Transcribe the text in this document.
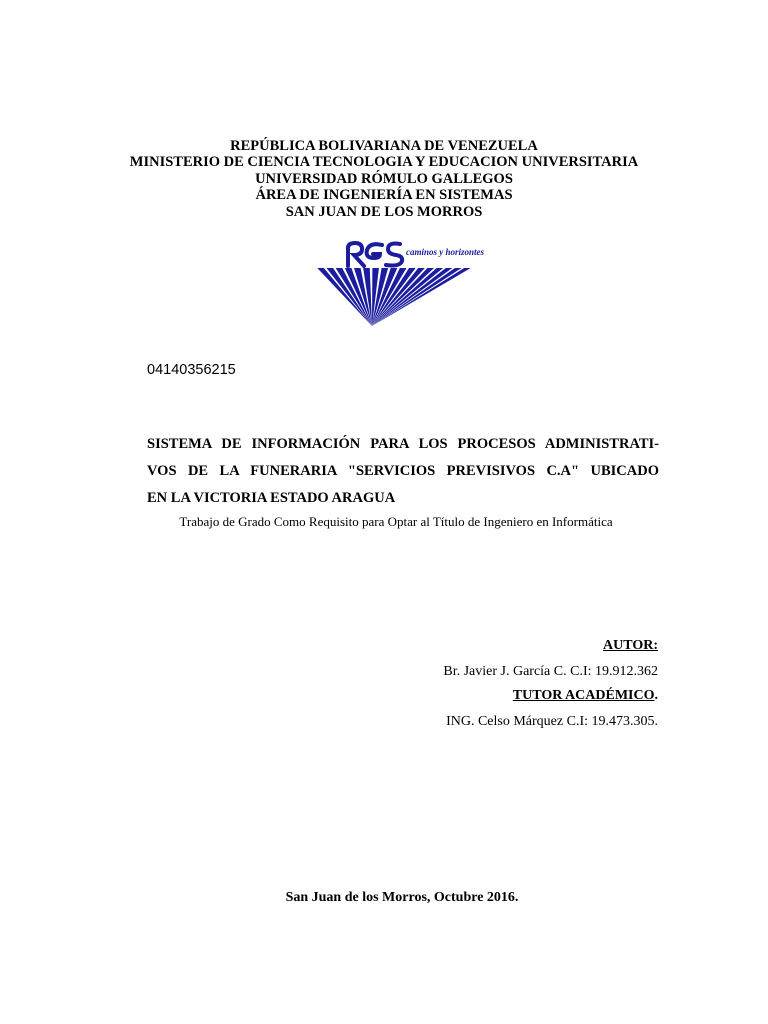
REPÚBLICA BOLIVARIANA DE VENEZUELA
MINISTERIO DE CIENCIA TECNOLOGIA Y EDUCACION UNIVERSITARIA
UNIVERSIDAD RÓMULO GALLEGOS
ÁREA DE INGENIERÍA EN SISTEMAS
SAN JUAN DE LOS MORROS
caminos y horizontes
04140356215
SISTEMA DE INFORMACIÓN PARA LOS PROCESOS ADMINISTRATI-
VOS DE LA FUNERARIA "SERVICIOS PREVISIVOS C.A" UBICADO
EN LA VICTORIA ESTADO ARAGUA
Trabajo de Grado Como Requisito para Optar al Título de Ingeniero en Informática
AUTOR:
Br. Javier J. García C. C.I: 19.912.362
TUTOR ACADÉMICO.
ING. Celso Márquez C.I: 19.473.305.
San Juan de los Morros, Octubre 2016.
